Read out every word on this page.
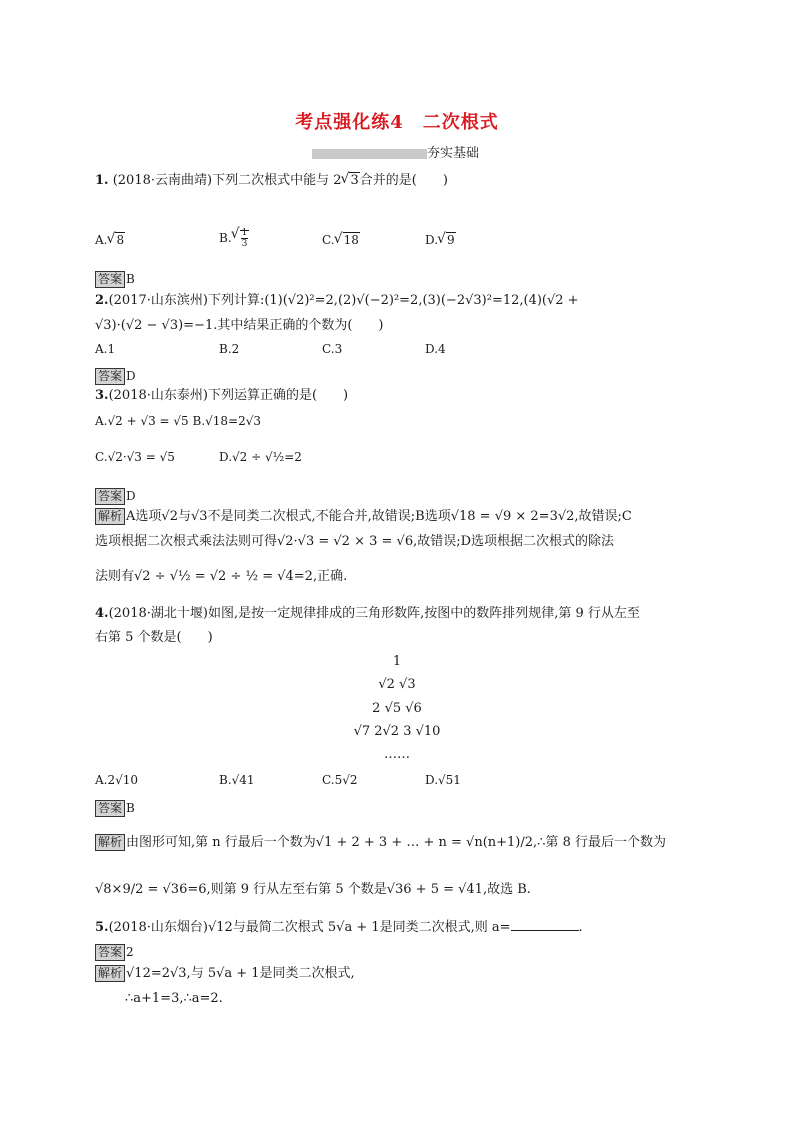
考点强化练4　二次根式
夯实基础
1. (2018·云南曲靖)下列二次根式中能与 2 √ 3合并的是(　　)
A. √ 8	B. √ $\frac{1}{3}$	C. √ 18	D. √ 9
答案 B
2.(2017·山东滨州)下列计算:(1)(√2)²=2,(2)√(−2)²=2,(3)(−2√3)²=12,(4)(√2 +
√3)·(√2 − √3)=−1.其中结果正确的个数为(　　)
A.1	B.2	C.3	D.4
答案 D
3.(2018·山东泰州)下列运算正确的是(　　)
A.√2 + √3 = √5 B.√18=2√3
C.√2·√3 = √5	D.√2 ÷ √½=2
答案 D
解析 A选项√2与√3不是同类二次根式,不能合并,故错误;B选项√18 = √9 × 2=3√2,故错误;C
选项根据二次根式乘法法则可得√2·√3 = √2 × 3 = √6,故错误;D选项根据二次根式的除法
法则有√2 ÷ √½ = √2 ÷ ½ = √4=2,正确.
4.(2018·湖北十堰)如图,是按一定规律排成的三角形数阵,按图中的数阵排列规律,第 9 行从左至
右第 5 个数是(　　)
1
√2 √3
2 √5 √6
√7 2√2 3 √10
……
A.2√10	B.√41	C.5√2	D.√51
答案 B
解析 由图形可知,第 n 行最后一个数为√1 + 2 + 3 + … + n = √n(n+1)/2,∴第 8 行最后一个数为
√8×9/2 = √36=6,则第 9 行从左至右第 5 个数是√36 + 5 = √41,故选 B.
5.(2018·山东烟台)√12与最简二次根式 5√a + 1是同类二次根式,则 a=	.
答案 2
解析 √12=2√3,与 5√a + 1是同类二次根式,
∴a+1=3,∴a=2.
